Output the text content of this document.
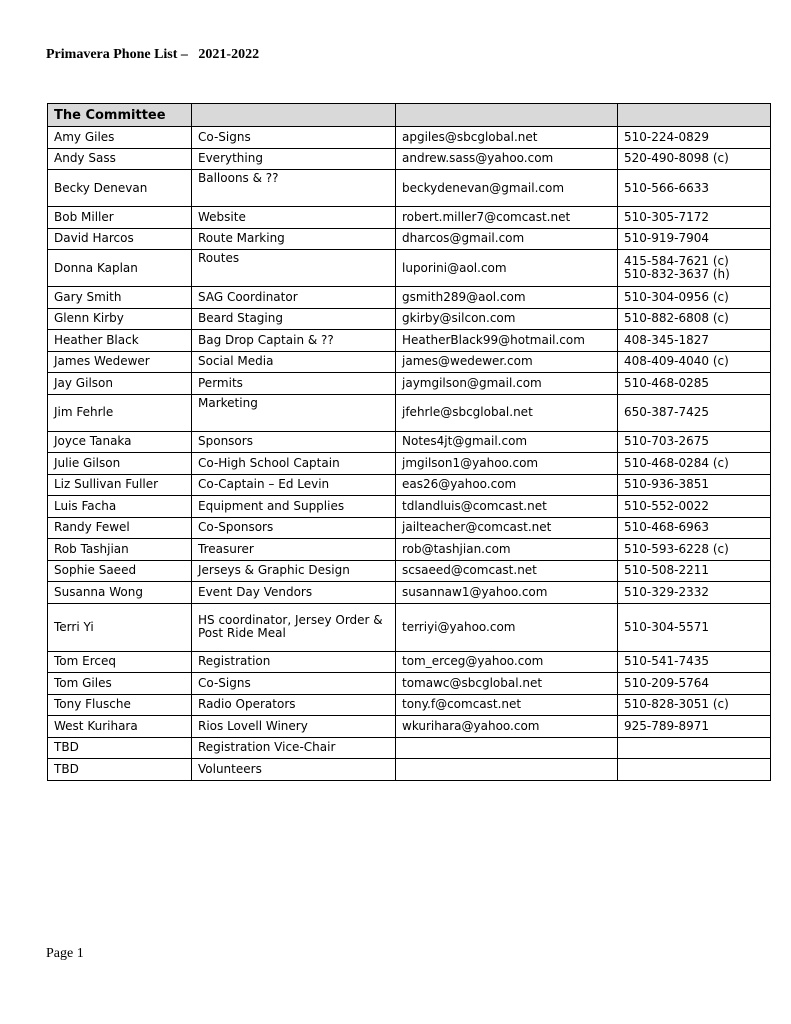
Primavera Phone List –   2021-2022
The Committee			
Amy Giles	Co-Signs	apgiles@sbcglobal.net	510-224-0829

Andy Sass	Everything	andrew.sass@yahoo.com	520-490-8098 (c)

Becky Denevan	Balloons & ??	beckydenevan@gmail.com	510-566-6633

Bob Miller	Website	robert.miller7@comcast.net	510-305-7172

David Harcos	Route Marking	dharcos@gmail.com	510-919-7904

Donna Kaplan	Routes	luporini@aol.com	415-584-7621 (c)
510-832-3637 (h)

Gary Smith	SAG Coordinator	gsmith289@aol.com	510-304-0956 (c)

Glenn Kirby	Beard Staging	gkirby@silcon.com	510-882-6808 (c)

Heather Black	Bag Drop Captain & ??	HeatherBlack99@hotmail.com	408-345-1827

James Wedewer	Social Media	james@wedewer.com	408-409-4040 (c)

Jay Gilson	Permits	jaymgilson@gmail.com	510-468-0285

Jim Fehrle	Marketing	jfehrle@sbcglobal.net	650-387-7425

Joyce Tanaka	Sponsors	Notes4jt@gmail.com	510-703-2675

Julie Gilson	Co-High School Captain	jmgilson1@yahoo.com	510-468-0284 (c)

Liz Sullivan Fuller	Co-Captain – Ed Levin	eas26@yahoo.com	510-936-3851

Luis Facha	Equipment and Supplies	tdlandluis@comcast.net	510-552-0022

Randy Fewel	Co-Sponsors	jailteacher@comcast.net	510-468-6963

Rob Tashjian	Treasurer	rob@tashjian.com	510-593-6228 (c)

Sophie Saeed	Jerseys & Graphic Design	scsaeed@comcast.net	510-508-2211

Susanna Wong	Event Day Vendors	susannaw1@yahoo.com	510-329-2332

Terri Yi	HS coordinator, Jersey Order & Post Ride Meal	terriyi@yahoo.com	510-304-5571

Tom Erceq	Registration	tom_erceg@yahoo.com	510-541-7435

Tom Giles	Co-Signs	tomawc@sbcglobal.net	510-209-5764

Tony Flusche	Radio Operators	tony.f@comcast.net	510-828-3051 (c)

West Kurihara	Rios Lovell Winery	wkurihara@yahoo.com	925-789-8971

TBD	Registration Vice-Chair		

TBD	Volunteers		
Page 1
